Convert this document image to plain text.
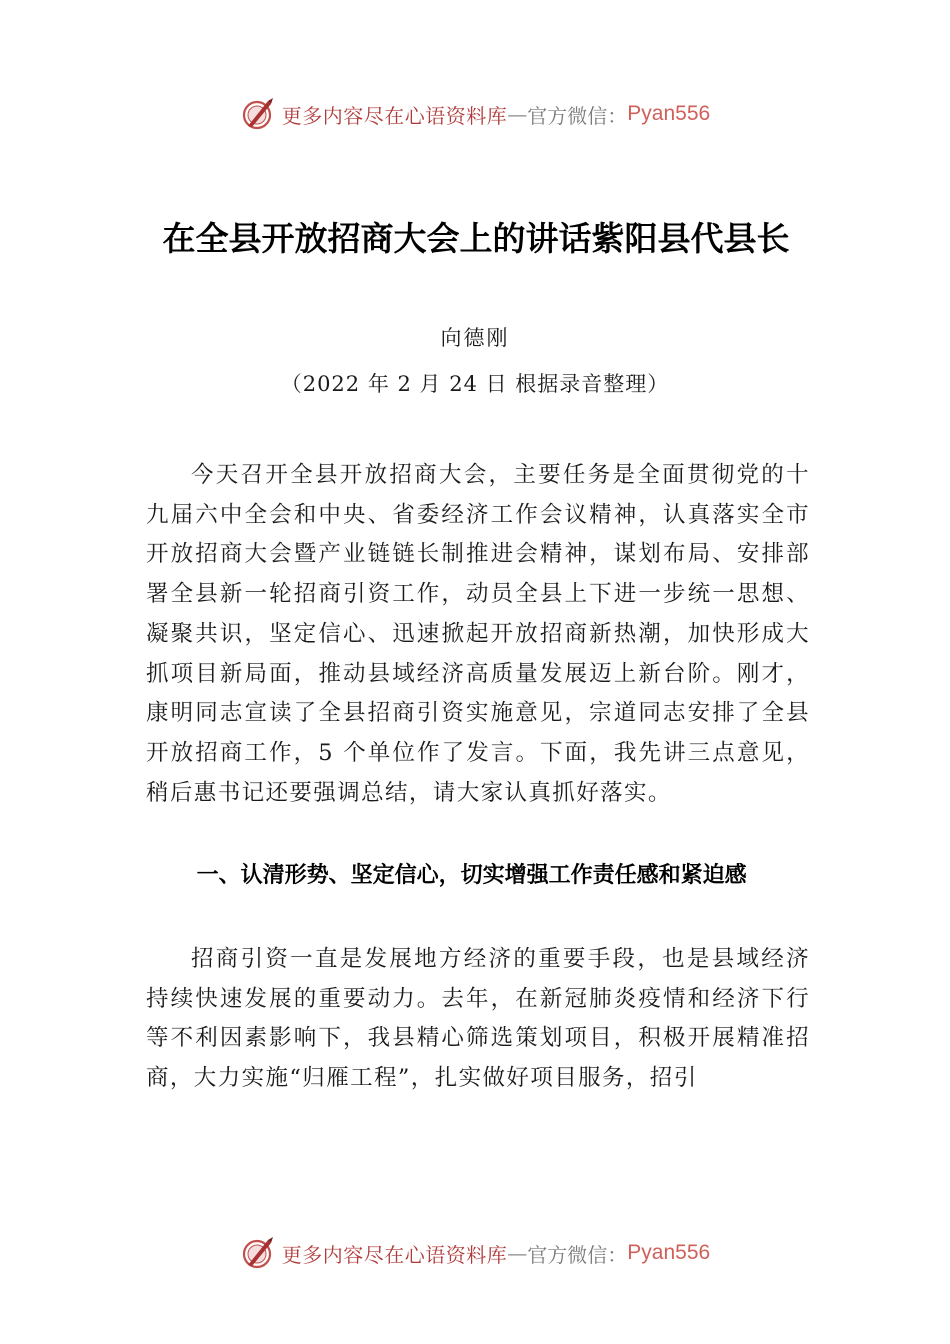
更多内容尽在心语资料库 — 官方微信： Pyan556
在全县开放招商大会上的讲话紫阳县代县长

向德刚

（2022 年 2 月 24 日 根据录音整理）

今天召开全县开放招商大会，主要任务是全面贯彻党的十九届六中全会和中央、省委经济工作会议精神，认真落实全市开放招商大会暨产业链链长制推进会精神，谋划布局、安排部署全县新一轮招商引资工作，动员全县上下进一步统一思想、凝聚共识，坚定信心、迅速掀起开放招商新热潮，加快形成大抓项目新局面，推动县域经济高质量发展迈上新台阶。刚才，康明同志宣读了全县招商引资实施意见，宗道同志安排了全县开放招商工作，5 个单位作了发言。下面，我先讲三点意见，稍后惠书记还要强调总结，请大家认真抓好落实。

一、认清形势、坚定信心，切实增强工作责任感和紧迫感

招商引资一直是发展地方经济的重要手段，也是县域经济持续快速发展的重要动力。去年，在新冠肺炎疫情和经济下行等不利因素影响下，我县精心筛选策划项目，积极开展精准招商，大力实施“归雁工程”，扎实做好项目服务，招引

更多内容尽在心语资料库 — 官方微信： Pyan556
